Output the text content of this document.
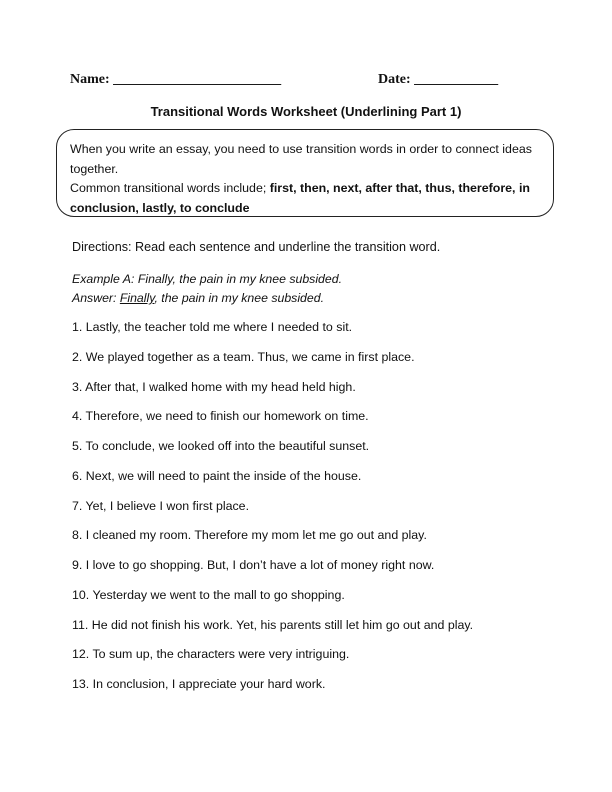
Name: ________________________	Date: ____________
Transitional Words Worksheet (Underlining Part 1)

When you write an essay, you need to use transition words in order to connect ideas together.

Common transitional words include; first, then, next, after that, thus, therefore, in conclusion, lastly, to conclude

Directions: Read each sentence and underline the transition word.
Example A: Finally, the pain in my knee subsided.
Answer: Finally, the pain in my knee subsided.
1. Lastly, the teacher told me where I needed to sit.
2. We played together as a team. Thus, we came in first place.
3. After that, I walked home with my head held high.
4. Therefore, we need to finish our homework on time.
5. To conclude, we looked off into the beautiful sunset.
6. Next, we will need to paint the inside of the house.
7. Yet, I believe I won first place.
8. I cleaned my room. Therefore my mom let me go out and play.
9. I love to go shopping. But, I don’t have a lot of money right now.
10. Yesterday we went to the mall to go shopping.
11. He did not finish his work. Yet, his parents still let him go out and play.
12. To sum up, the characters were very intriguing.
13. In conclusion, I appreciate your hard work.
